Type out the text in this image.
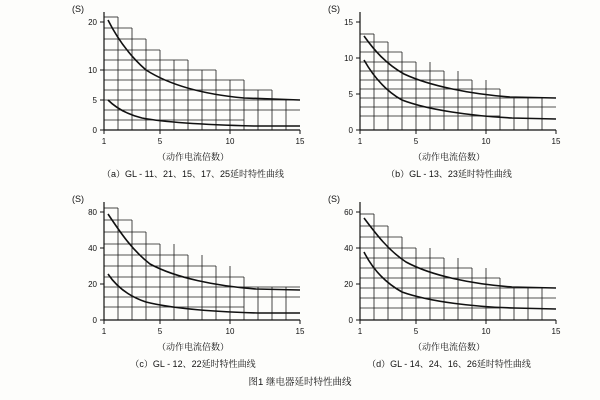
(S)
20
10
5
0
1	5	10	15
（动作电流倍数）
（a）GL - 11、21、15、17、25延时特性曲线
(S)
15
10
5
0
1	5	10	15
（动作电流倍数）
（b）GL - 13、23延时特性曲线
(S)
80
40
20
0
1	5	10	15
（动作电流倍数）
（c）GL - 12、22延时特性曲线
(S)
60
40
20
0
1	5	10	15
（动作电流倍数）
（d）GL - 14、24、16、26延时特性曲线
图1 继电器延时特性曲线
